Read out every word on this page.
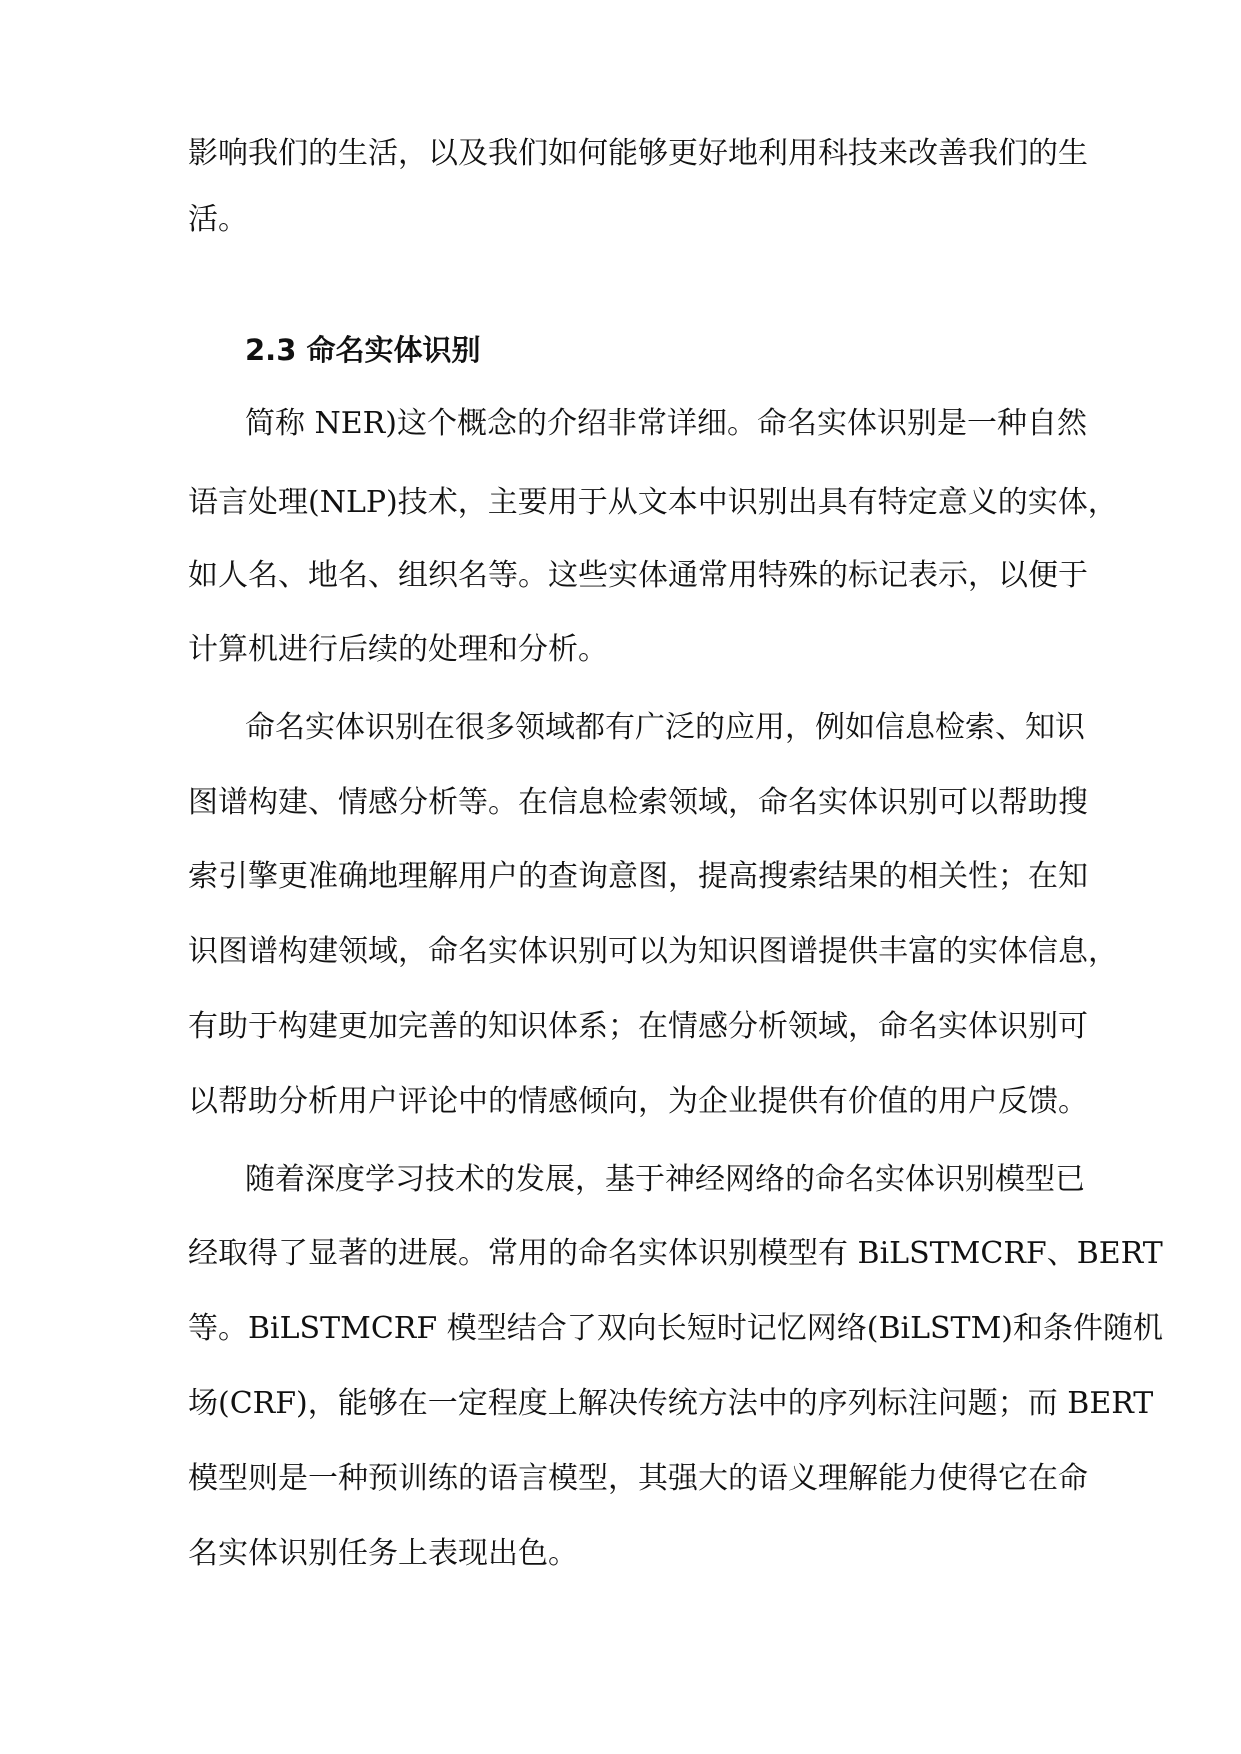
影响我们的生活，以及我们如何能够更好地利用科技来改善我们的生
活。
2.3 命名实体识别
简称 NER)这个概念的介绍非常详细。命名实体识别是一种自然
语言处理(NLP)技术，主要用于从文本中识别出具有特定意义的实体，
如人名、地名、组织名等。这些实体通常用特殊的标记表示，以便于
计算机进行后续的处理和分析。
命名实体识别在很多领域都有广泛的应用，例如信息检索、知识
图谱构建、情感分析等。在信息检索领域，命名实体识别可以帮助搜
索引擎更准确地理解用户的查询意图，提高搜索结果的相关性；在知
识图谱构建领域，命名实体识别可以为知识图谱提供丰富的实体信息，
有助于构建更加完善的知识体系；在情感分析领域，命名实体识别可
以帮助分析用户评论中的情感倾向，为企业提供有价值的用户反馈。
随着深度学习技术的发展，基于神经网络的命名实体识别模型已
经取得了显著的进展。常用的命名实体识别模型有 BiLSTMCRF、BERT
等。BiLSTMCRF 模型结合了双向长短时记忆网络(BiLSTM)和条件随机
场(CRF)，能够在一定程度上解决传统方法中的序列标注问题；而 BERT
模型则是一种预训练的语言模型，其强大的语义理解能力使得它在命
名实体识别任务上表现出色。
